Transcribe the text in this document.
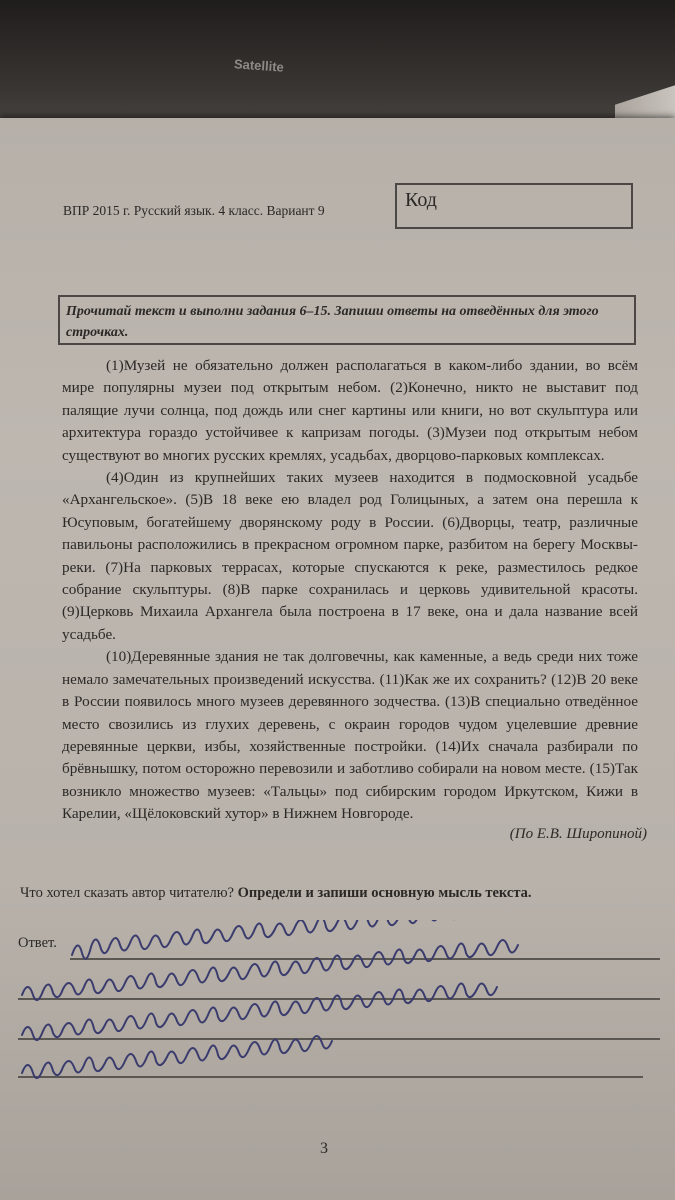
Satellite
ВПР 2015 г. Русский язык. 4 класс. Вариант 9	Код
Прочитай текст и выполни задания 6–15. Запиши ответы на отведённых для этого строчках.

(1)Музей не обязательно должен располагаться в каком-либо здании, во всём мире популярны музеи под открытым небом. (2)Конечно, никто не выставит под палящие лучи солнца, под дождь или снег картины или книги, но вот скульптура или архитектура гораздо устойчивее к капризам погоды. (3)Музеи под открытым небом существуют во многих русских кремлях, усадьбах, дворцово-парковых комплексах.

(4)Один из крупнейших таких музеев находится в подмосковной усадьбе «Архангельское». (5)В 18 веке ею владел род Голицыных, а затем она перешла к Юсуповым, богатейшему дворянскому роду в России. (6)Дворцы, театр, различные павильоны расположились в прекрасном огромном парке, разбитом на берегу Москвы-реки. (7)На парковых террасах, которые спускаются к реке, разместилось редкое собрание скульптуры. (8)В парке сохранилась и церковь удивительной красоты. (9)Церковь Михаила Архангела была построена в 17 веке, она и дала название всей усадьбе.

(10)Деревянные здания не так долговечны, как каменные, а ведь среди них тоже немало замечательных произведений искусства. (11)Как же их сохранить? (12)В 20 веке в России появилось много музеев деревянного зодчества. (13)В специально отведённое место свозились из глухих деревень, с окраин городов чудом уцелевшие древние деревянные церкви, избы, хозяйственные постройки. (14)Их сначала разбирали по брёвнышку, потом осторожно перевозили и заботливо собирали на новом месте. (15)Так возникло множество музеев: «Тальцы» под сибирским городом Иркутском, Кижи в Карелии, «Щёлоковский хутор» в Нижнем Новгороде.

(По Е.В. Широпиной)
Что хотел сказать автор читателю? Определи и запиши основную мысль текста.
Ответ.
3
